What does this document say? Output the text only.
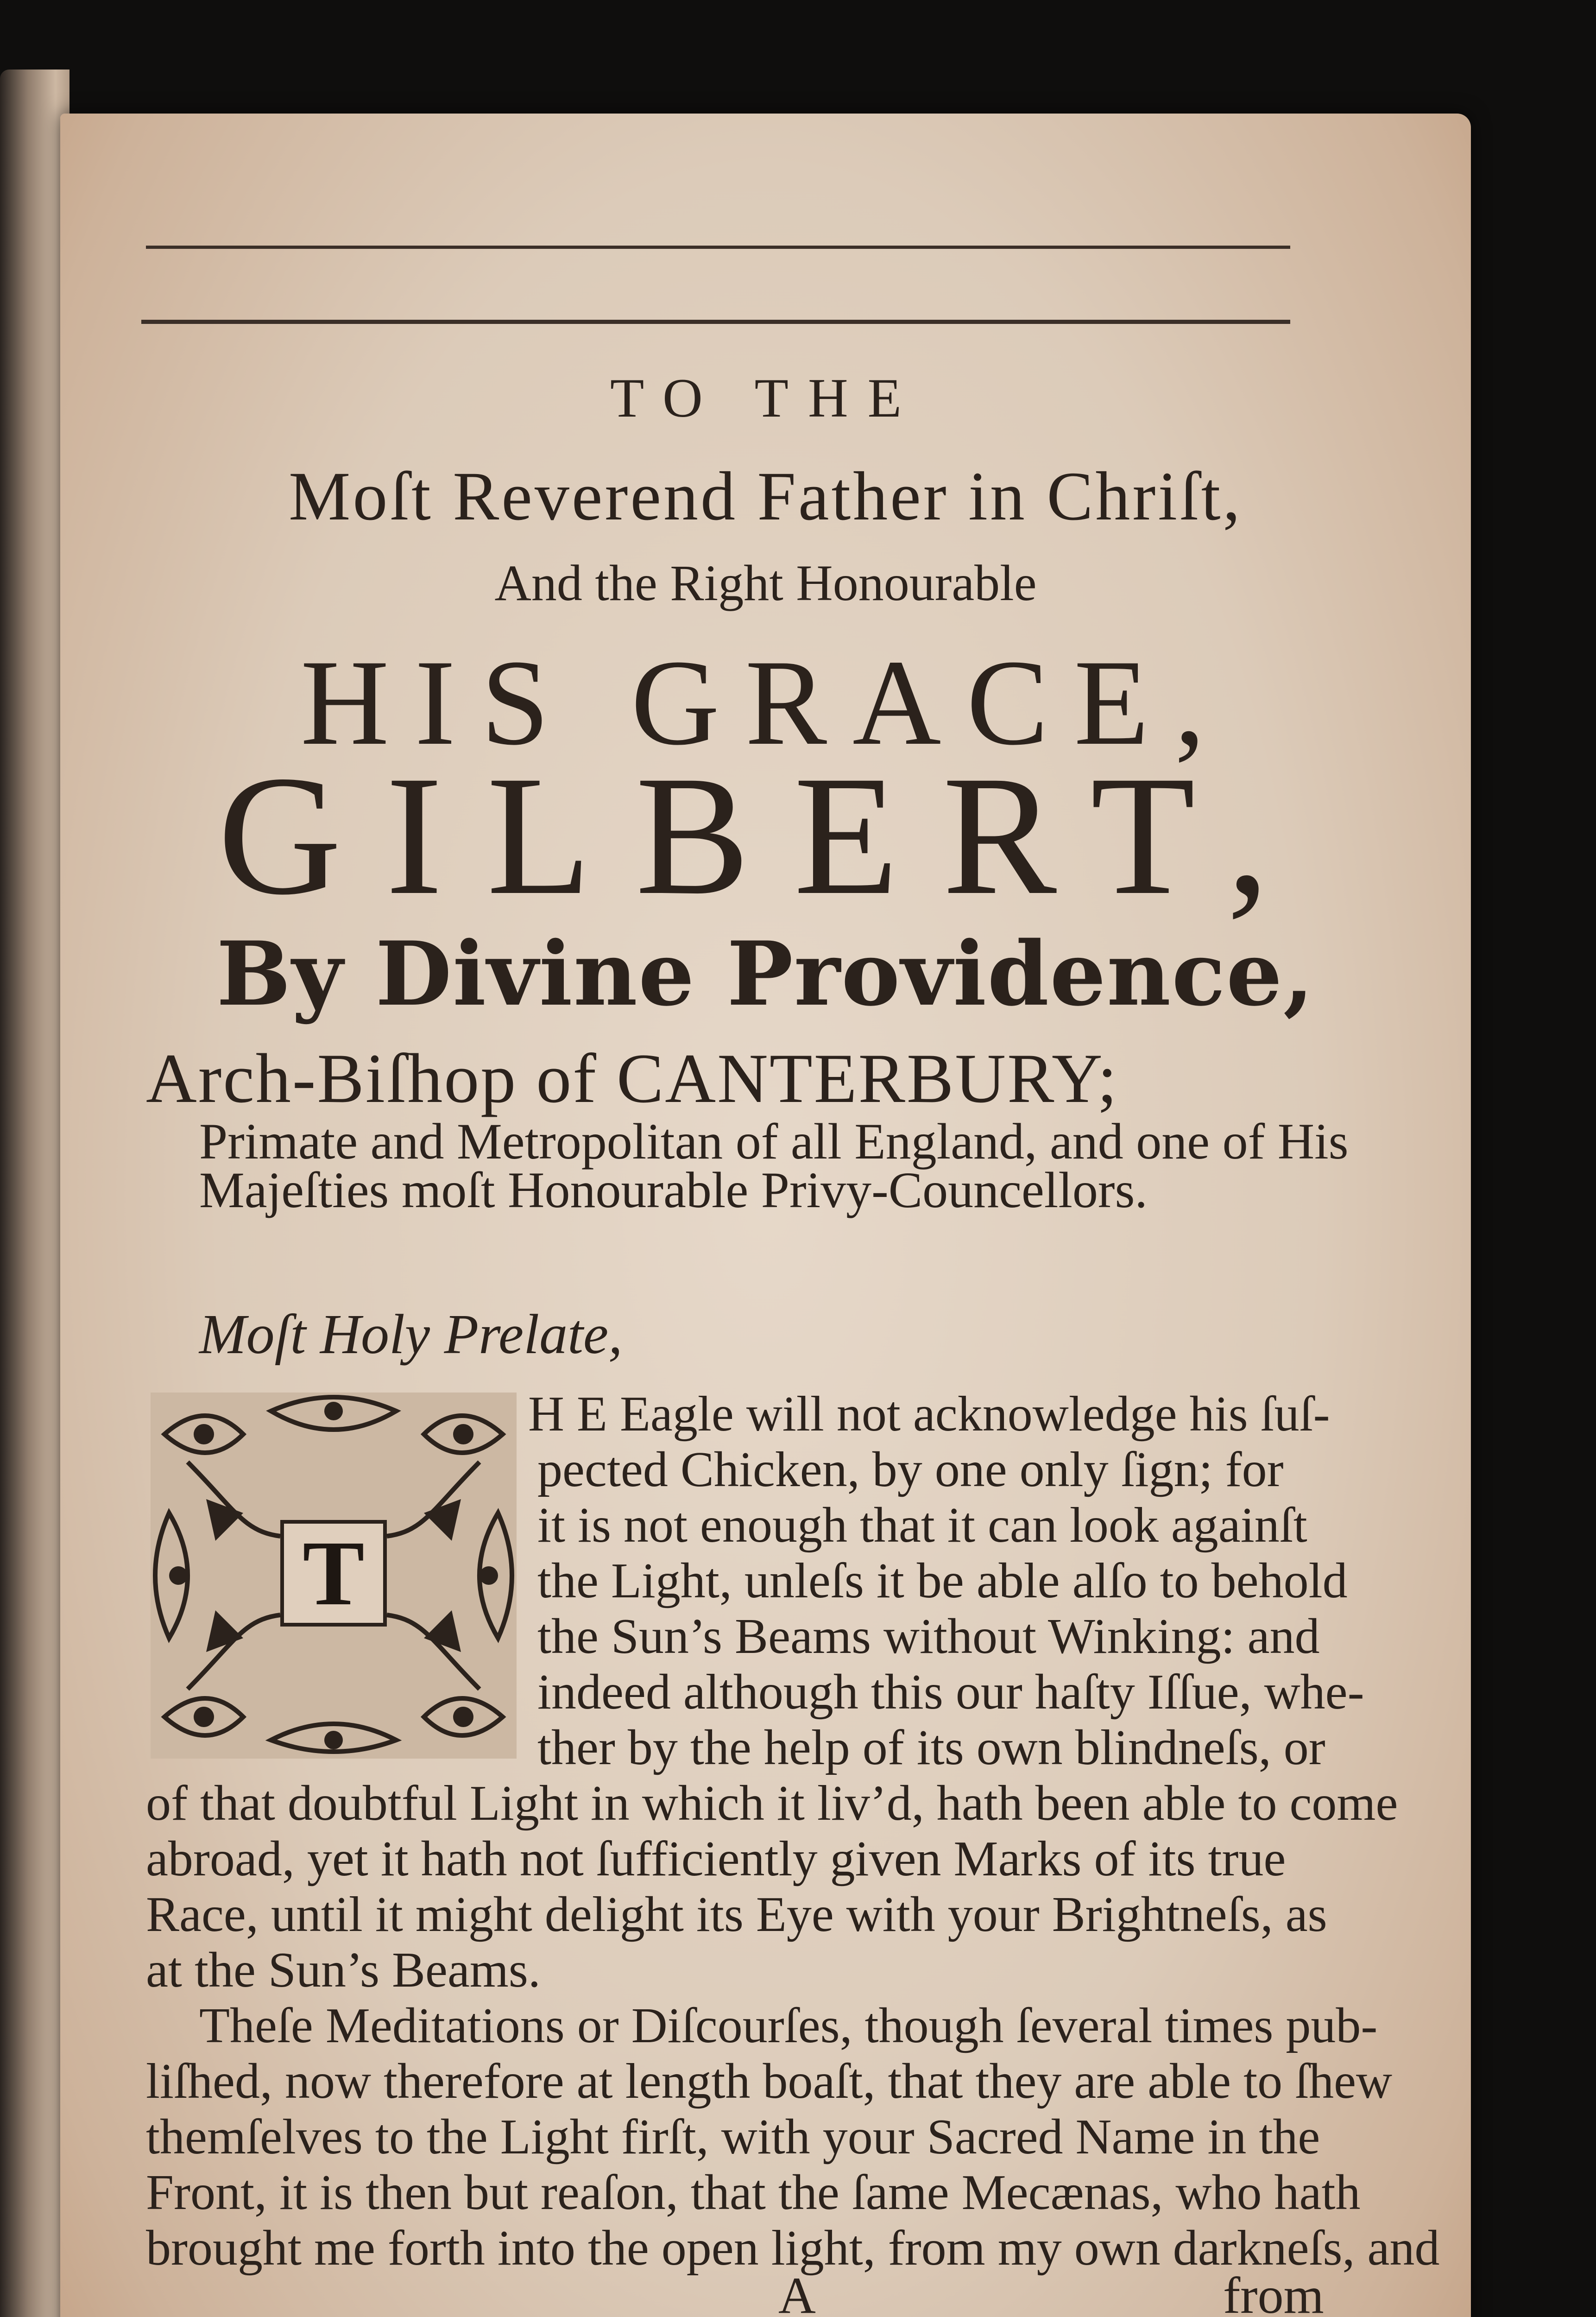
TO THE
Moſt Reverend Father in Chriſt,
And the Right Honourable
HIS GRACE,
GILBERT,
By Divine Providence,
Arch-Biſhop of CANTERBURY;
Primate and Metropolitan of all England, and one of His
Majeſties moſt Honourable Privy-Councellors.
Moſt Holy Prelate,
T
H E Eagle will not acknowledge his ſuſ-
pected Chicken, by one only ſign; for
it is not enough that it can look againſt
the Light, unleſs it be able alſo to behold
the Sun’s Beams without Winking: and
indeed although this our haſty Iſſue, whe-
ther by the help of its own blindneſs, or
of that doubtful Light in which it liv’d, hath been able to come
abroad, yet it hath not ſufficiently given Marks of its true
Race, until it might delight its Eye with your Brightneſs, as
at the Sun’s Beams.
Theſe Meditations or Diſcourſes, though ſeveral times pub-
liſhed, now therefore at length boaſt, that they are able to ſhew
themſelves to the Light firſt, with your Sacred Name in the
Front, it is then but reaſon, that the ſame Mecænas, who hath
brought me forth into the open light, from my own darkneſs, and
A	from
